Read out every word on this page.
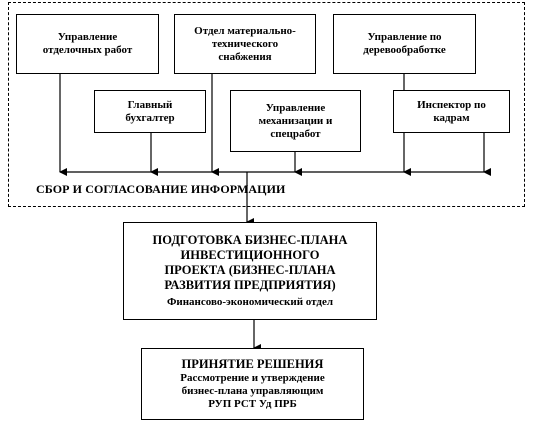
Управление
отделочных работ
Отдел материально-
технического
снабжения
Управление по
деревообработке
Главный
бухгалтер
Управление
механизации и
спецработ
Инспектор по
кадрам
СБОР И СОГЛАСОВАНИЕ ИНФОРМАЦИИ
ПОДГОТОВКА БИЗНЕС-ПЛАНА
ИНВЕСТИЦИОННОГО
ПРОЕКТА (БИЗНЕС-ПЛАНА
РАЗВИТИЯ ПРЕДПРИЯТИЯ)
Финансово-экономический отдел
ПРИНЯТИЕ РЕШЕНИЯ
Рассмотрение и утверждение
бизнес-плана управляющим
РУП РСТ Уд ПРБ
